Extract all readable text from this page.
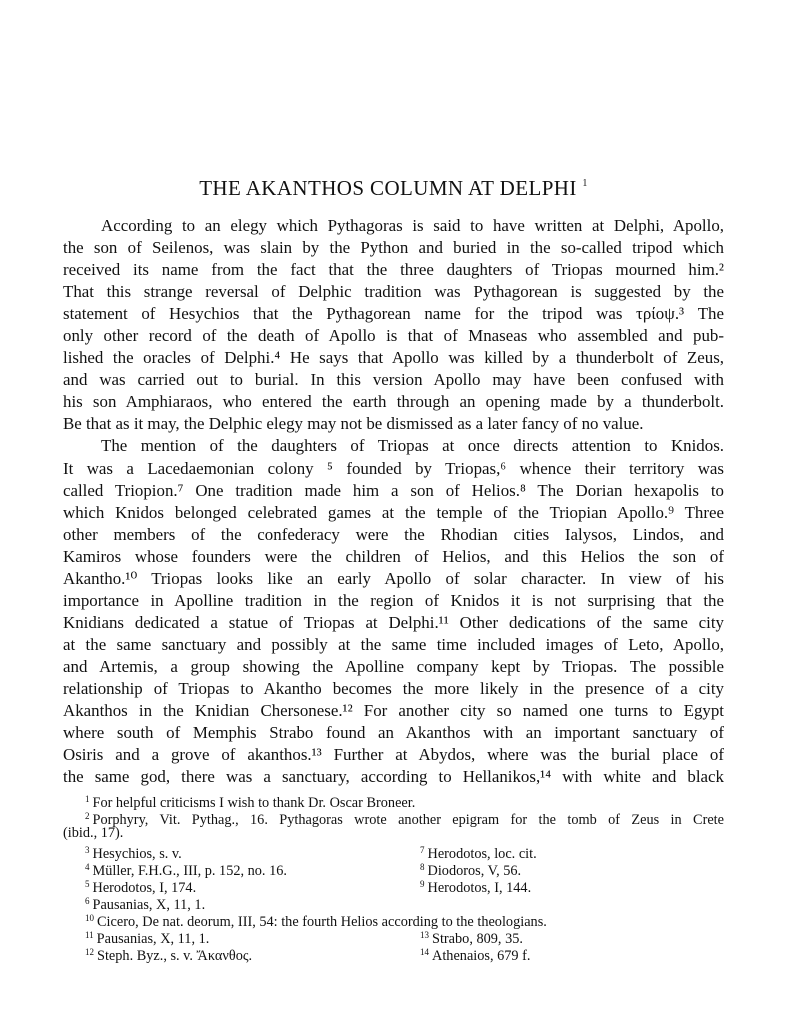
THE AKANTHOS COLUMN AT DELPHI $^1$
According to an elegy which Pythagoras is said to have written at Delphi, Apollo,
the son of Seilenos, was slain by the Python and buried in the so-called tripod which
received its name from the fact that the three daughters of Triopas mourned him.²
That this strange reversal of Delphic tradition was Pythagorean is suggested by the
statement of Hesychios that the Pythagorean name for the tripod was τρίοψ.³ The
only other record of the death of Apollo is that of Mnaseas who assembled and pub-
lished the oracles of Delphi.⁴ He says that Apollo was killed by a thunderbolt of Zeus,
and was carried out to burial. In this version Apollo may have been confused with
his son Amphiaraos, who entered the earth through an opening made by a thunderbolt.
Be that as it may, the Delphic elegy may not be dismissed as a later fancy of no value.
The mention of the daughters of Triopas at once directs attention to Knidos.
It was a Lacedaemonian colony ⁵ founded by Triopas,⁶ whence their territory was
called Triopion.⁷ One tradition made him a son of Helios.⁸ The Dorian hexapolis to
which Knidos belonged celebrated games at the temple of the Triopian Apollo.⁹ Three
other members of the confederacy were the Rhodian cities Ialysos, Lindos, and
Kamiros whose founders were the children of Helios, and this Helios the son of
Akantho.¹⁰ Triopas looks like an early Apollo of solar character. In view of his
importance in Apolline tradition in the region of Knidos it is not surprising that the
Knidians dedicated a statue of Triopas at Delphi.¹¹ Other dedications of the same city
at the same sanctuary and possibly at the same time included images of Leto, Apollo,
and Artemis, a group showing the Apolline company kept by Triopas. The possible
relationship of Triopas to Akantho becomes the more likely in the presence of a city
Akanthos in the Knidian Chersonese.¹² For another city so named one turns to Egypt
where south of Memphis Strabo found an Akanthos with an important sanctuary of
Osiris and a grove of akanthos.¹³ Further at Abydos, where was the burial place of
the same god, there was a sanctuary, according to Hellanikos,¹⁴ with white and black
$^1$ For helpful criticisms I wish to thank Dr. Oscar Broneer.
$^2$ Porphyry, Vit. Pythag., 16. Pythagoras wrote another epigram for the tomb of Zeus in Crete
(ibid., 17).
$^3$ Hesychios, s. v.	$^7$ Herodotos, loc. cit.
$^4$ Müller, F.H.G., III, p. 152, no. 16.	$^8$ Diodoros, V, 56.
$^5$ Herodotos, I, 174.	$^9$ Herodotos, I, 144.
$^6$ Pausanias, X, 11, 1.
$^{10}$ Cicero, De nat. deorum, III, 54: the fourth Helios according to the theologians.
$^{11}$ Pausanias, X, 11, 1.	$^{13}$ Strabo, 809, 35.
$^{12}$ Steph. Byz., s. v. Ἄκανθος.	$^{14}$ Athenaios, 679 f.
